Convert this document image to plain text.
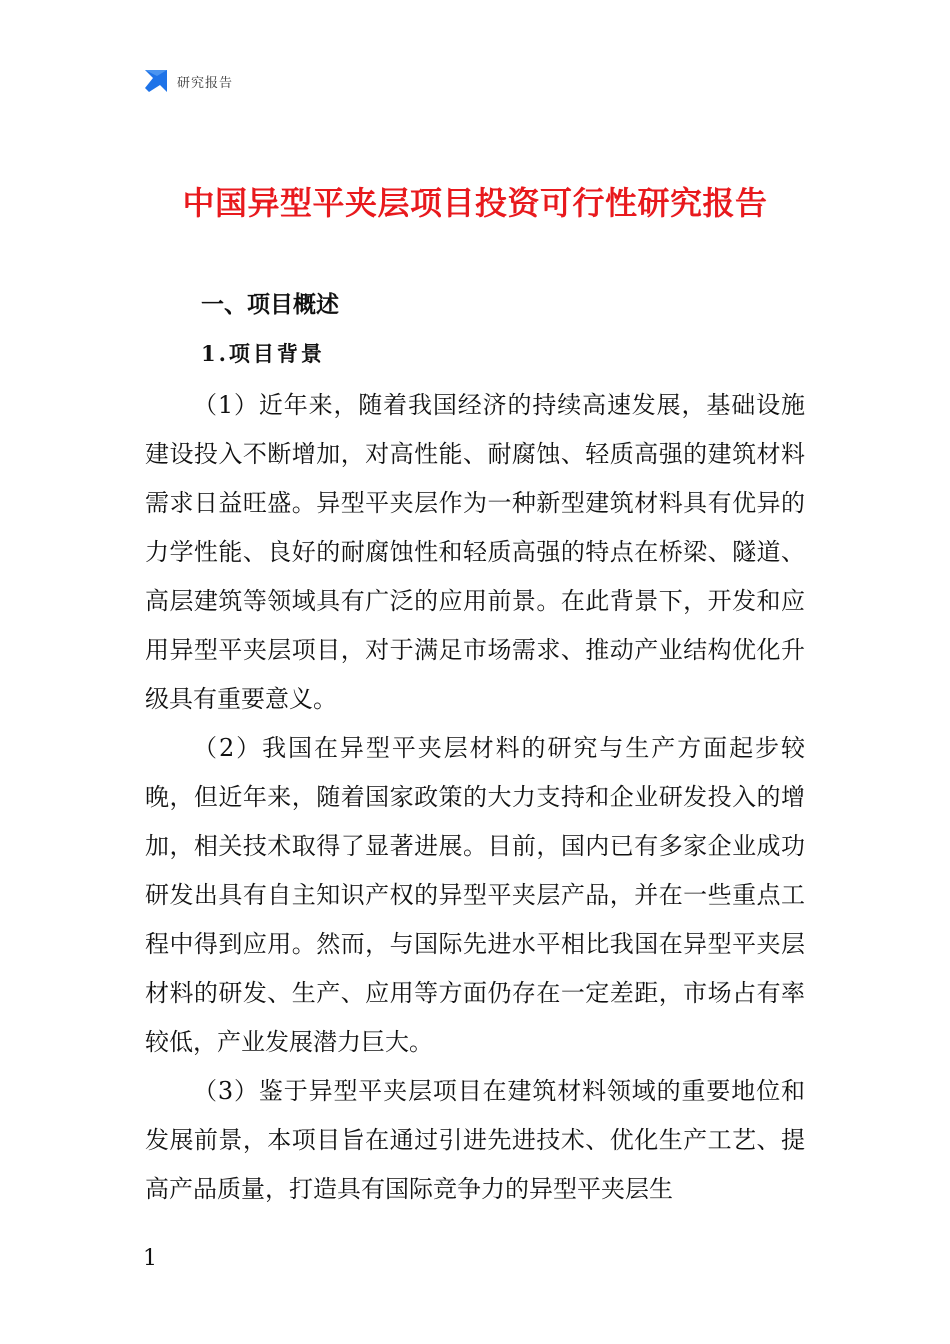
研究报告
中国异型平夹层项目投资可行性研究报告
一、项目概述
1.项目背景

（1）近年来，随着我国经济的持续高速发展，基础设施建设投入不断增加，对高性能、耐腐蚀、轻质高强的建筑材料需求日益旺盛。异型平夹层作为一种新型建筑材料具有优异的力学性能、良好的耐腐蚀性和轻质高强的特点在桥梁、隧道、高层建筑等领域具有广泛的应用前景。在此背景下，开发和应用异型平夹层项目，对于满足市场需求、推动产业结构优化升级具有重要意义。

（2）我国在异型平夹层材料的研究与生产方面起步较晚，但近年来，随着国家政策的大力支持和企业研发投入的增加，相关技术取得了显著进展。目前，国内已有多家企业成功研发出具有自主知识产权的异型平夹层产品，并在一些重点工程中得到应用。然而，与国际先进水平相比我国在异型平夹层材料的研发、生产、应用等方面仍存在一定差距，市场占有率较低，产业发展潜力巨大。

（3）鉴于异型平夹层项目在建筑材料领域的重要地位和发展前景，本项目旨在通过引进先进技术、优化生产工艺、提高产品质量，打造具有国际竞争力的异型平夹层生

1
